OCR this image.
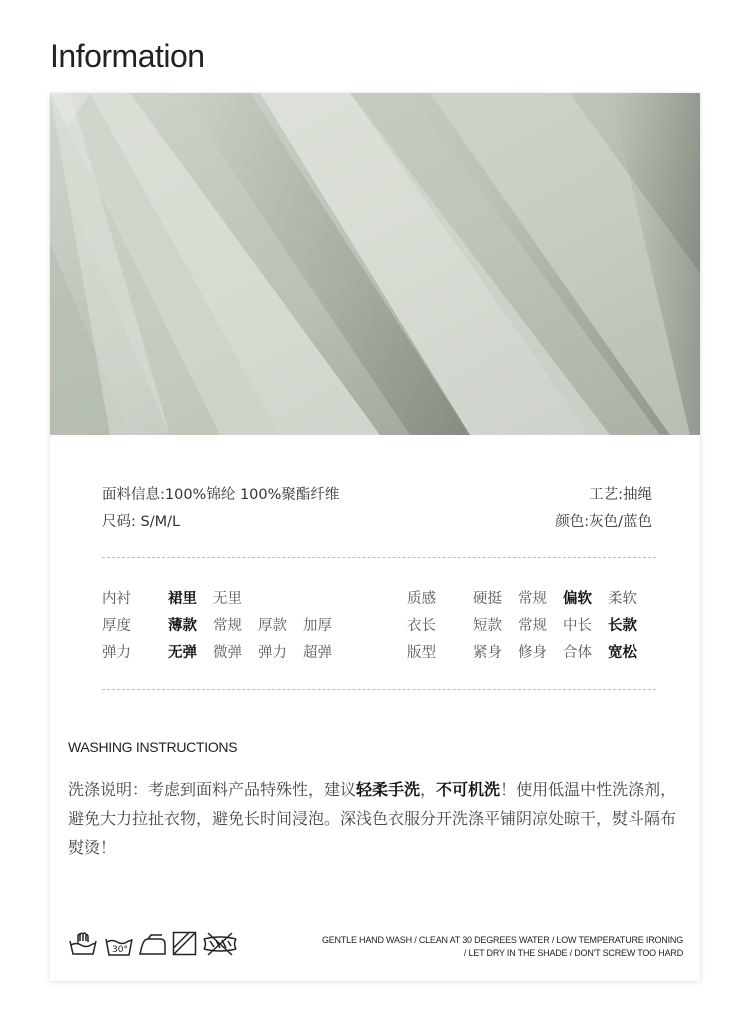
Information
面料信息:100%锦纶 100%聚酯纤维	工艺:抽绳
尺码: S/M/L	颜色:灰色/蓝色
内衬	裙里 无里
厚度	薄款 常规 厚款 加厚
弹力	无弹 微弹 弹力 超弹
质感	硬挺 常规 偏软 柔软
衣长	短款 常规 中长 长款
版型	紧身 修身 合体 宽松
WASHING INSTRUCTIONS
洗涤说明：考虑到面料产品特殊性，建议轻柔手洗，不可机洗！使用低温中性洗涤剂，避免大力拉扯衣物，避免长时间浸泡。深浅色衣服分开洗涤平铺阴凉处晾干，熨斗隔布熨烫！
30°
GENTLE HAND WASH / CLEAN AT 30 DEGREES WATER / LOW TEMPERATURE IRONING
/ LET DRY IN THE SHADE / DON'T SCREW TOO HARD
